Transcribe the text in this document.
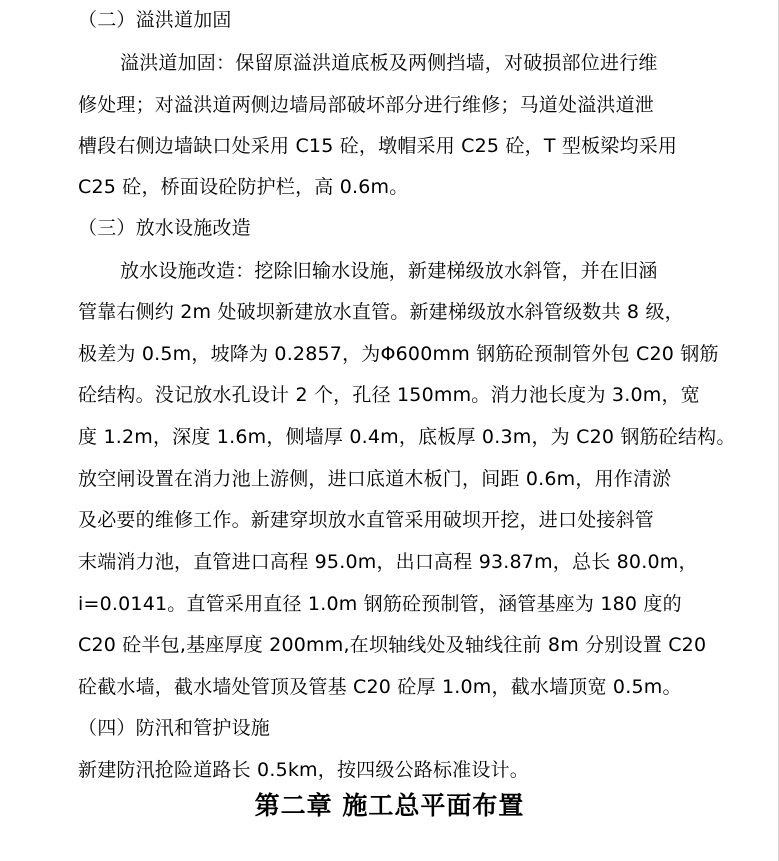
（二）溢洪道加固
溢洪道加固：保留原溢洪道底板及两侧挡墙，对破损部位进行维
修处理；对溢洪道两侧边墙局部破坏部分进行维修；马道处溢洪道泄
槽段右侧边墙缺口处采用 C15 砼，墩帽采用 C25 砼，T 型板梁均采用
C25 砼，桥面设砼防护栏，高 0.6m。
（三）放水设施改造
放水设施改造：挖除旧输水设施，新建梯级放水斜管，并在旧涵
管靠右侧约 2m 处破坝新建放水直管。新建梯级放水斜管级数共 8 级，
极差为 0.5m，坡降为 0.2857，为Φ600mm 钢筋砼预制管外包 C20 钢筋
砼结构。没记放水孔设计 2 个，孔径 150mm。消力池长度为 3.0m，宽
度 1.2m，深度 1.6m，侧墙厚 0.4m，底板厚 0.3m，为 C20 钢筋砼结构。
放空闸设置在消力池上游侧，进口底道木板门，间距 0.6m，用作清淤
及必要的维修工作。新建穿坝放水直管采用破坝开挖，进口处接斜管
末端消力池，直管进口高程 95.0m，出口高程 93.87m，总长 80.0m，
i=0.0141。直管采用直径 1.0m 钢筋砼预制管，涵管基座为 180 度的
C20 砼半包,基座厚度 200mm,在坝轴线处及轴线往前 8m 分别设置 C20
砼截水墙，截水墙处管顶及管基 C20 砼厚 1.0m，截水墙顶宽 0.5m。
（四）防汛和管护设施
新建防汛抢险道路长 0.5km，按四级公路标准设计。
第二章 施工总平面布置
